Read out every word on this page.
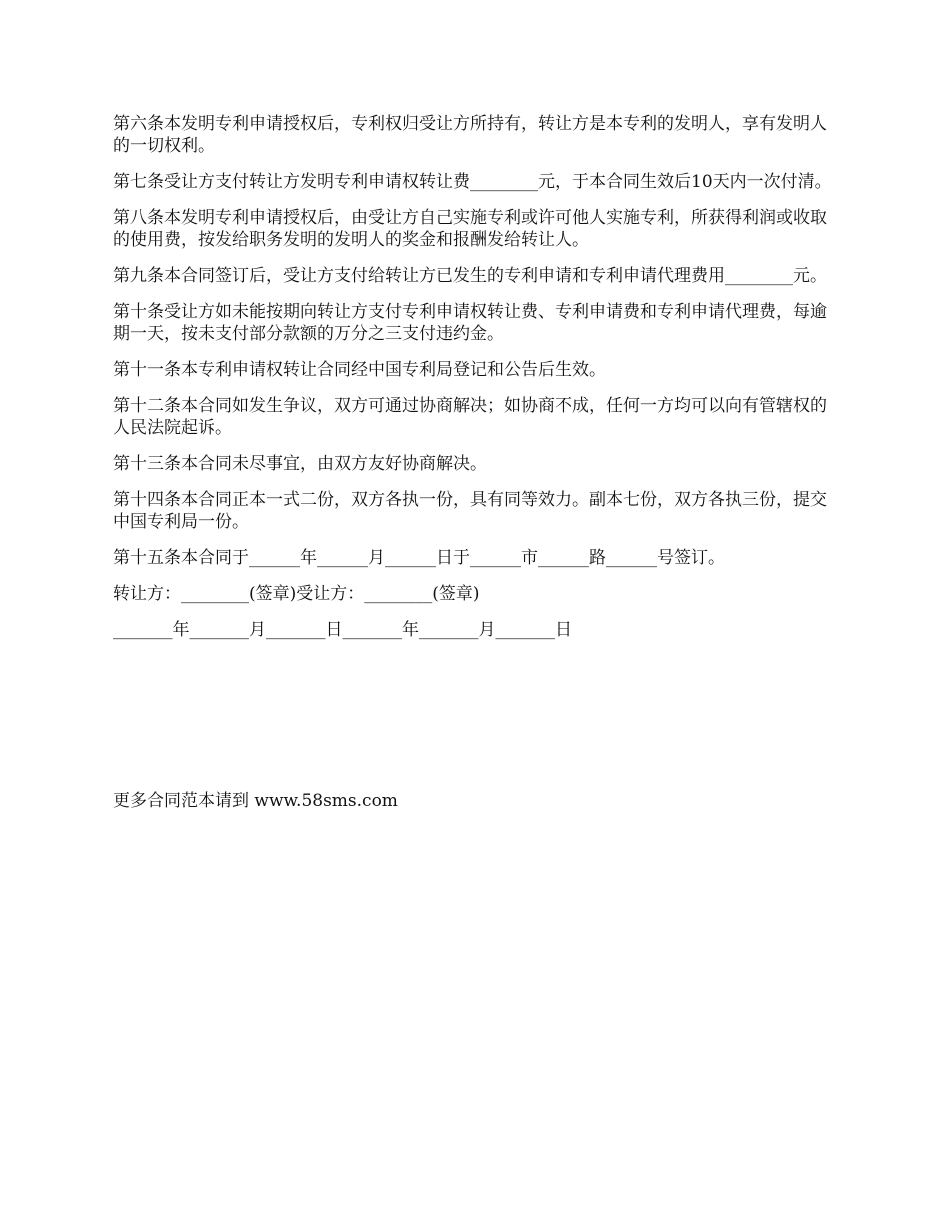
第六条本发明专利申请授权后，专利权归受让方所持有，转让方是本专利的发明人，享有发明人的一切权利。

第七条受让方支付转让方发明专利申请权转让费________元，于本合同生效后10天内一次付清。

第八条本发明专利申请授权后，由受让方自己实施专利或许可他人实施专利，所获得利润或收取的使用费，按发给职务发明的发明人的奖金和报酬发给转让人。

第九条本合同签订后，受让方支付给转让方已发生的专利申请和专利申请代理费用________元。

第十条受让方如未能按期向转让方支付专利申请权转让费、专利申请费和专利申请代理费，每逾期一天，按未支付部分款额的万分之三支付违约金。

第十一条本专利申请权转让合同经中国专利局登记和公告后生效。

第十二条本合同如发生争议，双方可通过协商解决；如协商不成，任何一方均可以向有管辖权的人民法院起诉。

第十三条本合同未尽事宜，由双方友好协商解决。

第十四条本合同正本一式二份，双方各执一份，具有同等效力。副本七份，双方各执三份，提交中国专利局一份。

第十五条本合同于______年______月______日于______市______路______号签订。

转让方：________(签章)受让方：________(签章)

_______年_______月_______日_______年_______月_______日

更多合同范本请到 www.58sms.com
